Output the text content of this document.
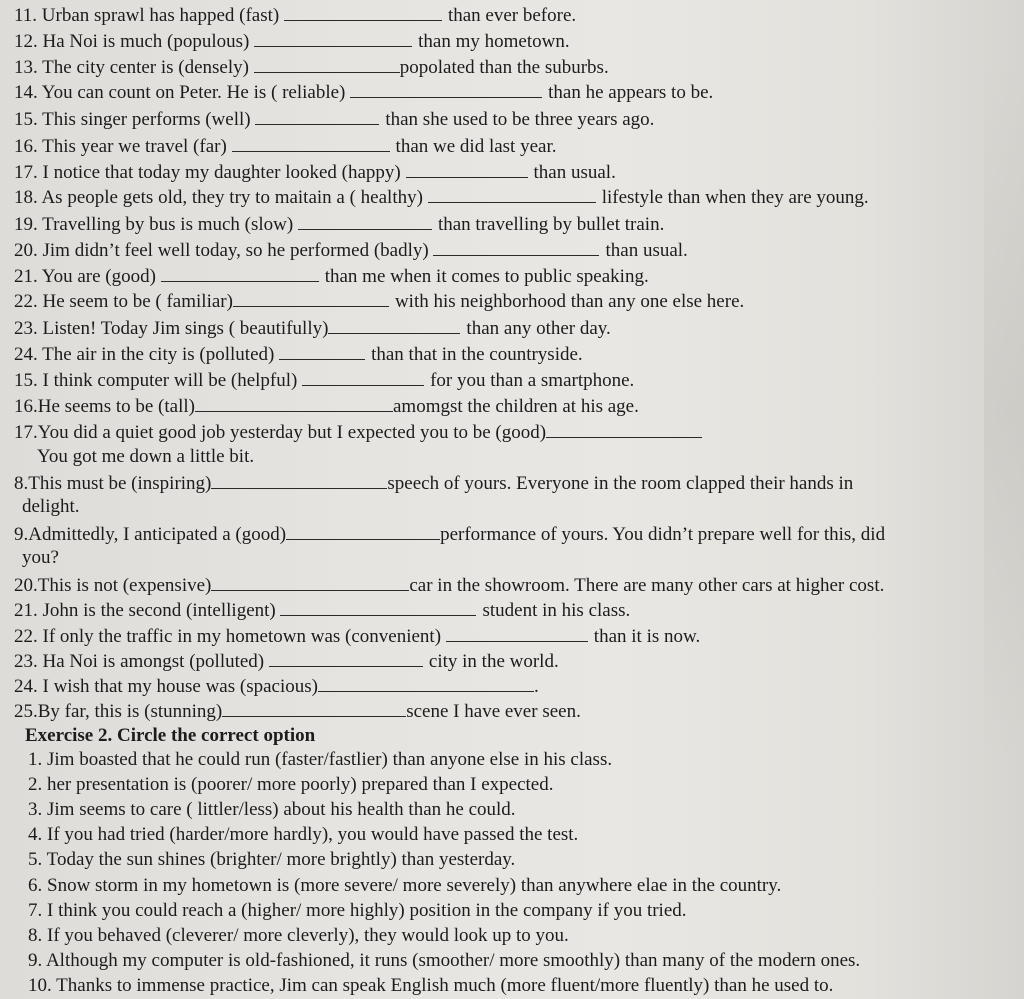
11. Urban sprawl has happed (fast)	than ever before.
12. Ha Noi is much (populous)	than my hometown.
13. The city center is (densely)	popolated than the suburbs.
14. You can count on Peter. He is ( reliable)	than he appears to be.
15. This singer performs (well)	than she used to be three years ago.
16. This year we travel (far)	than we did last year.
17. I notice that today my daughter looked (happy)	than usual.
18. As people gets old, they try to maitain a ( healthy)	lifestyle than when they are young.
19. Travelling by bus is much (slow)	than travelling by bullet train.
20. Jim didn’t feel well today, so he performed (badly)	than usual.
21. You are (good)	than me when it comes to public speaking.
22. He seem to be ( familiar)	with his neighborhood than any one else here.
23. Listen! Today Jim sings ( beautifully)	than any other day.
24. The air in the city is (polluted)	than that in the countryside.
15. I think computer will be (helpful)	for you than a smartphone.
16.He seems to be (tall)	amomgst the children at his age.
17.You did a quiet good job yesterday but I expected you to be (good)
You got me down a little bit.
8.This must be (inspiring)	speech of yours. Everyone in the room clapped their hands in
delight.
9.Admittedly, I anticipated a (good)	performance of yours. You didn’t prepare well for this, did
you?
20.This is not (expensive)	car in the showroom. There are many other cars at higher cost.
21. John is the second (intelligent)	student in his class.
22. If only the traffic in my hometown was (convenient)	than it is now.
23. Ha Noi is amongst (polluted)	city in the world.
24. I wish that my house was (spacious)	.
25.By far, this is (stunning)	scene I have ever seen.
Exercise 2. Circle the correct option
1. Jim boasted that he could run (faster/fastlier) than anyone else in his class.
2. her presentation is (poorer/ more poorly) prepared than I expected.
3. Jim seems to care ( littler/less) about his health than he could.
4. If you had tried (harder/more hardly), you would have passed the test.
5. Today the sun shines (brighter/ more brightly) than yesterday.
6. Snow storm in my hometown is (more severe/ more severely) than anywhere elae in the country.
7. I think you could reach a (higher/ more highly) position in the company if you tried.
8. If you behaved (cleverer/ more cleverly), they would look up to you.
9. Although my computer is old-fashioned, it runs (smoother/ more smoothly) than many of the modern ones.
10. Thanks to immense practice, Jim can speak English much (more fluent/more fluently) than he used to.
